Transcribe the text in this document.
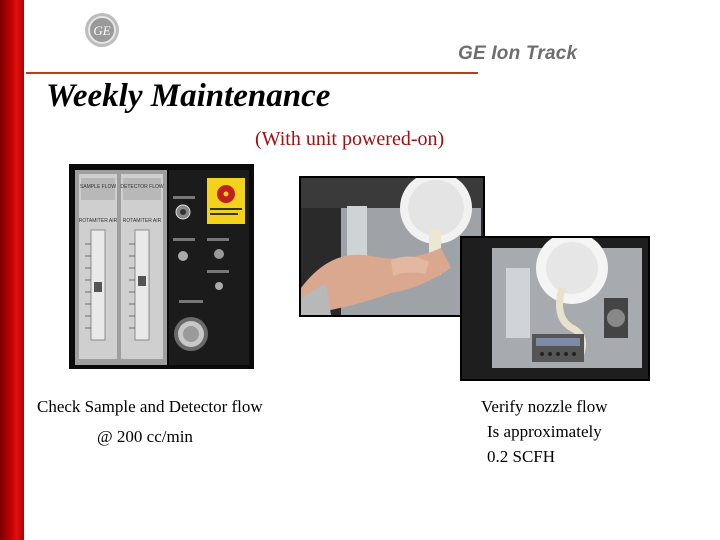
GE
GE Ion Track
Weekly Maintenance
(With unit powered-on)
SAMPLE FLOW DETECTOR FLOW
ROTAMITER AIR ROTAMITER AIR
Check Sample and Detector flow
@ 200 cc/min
Verify nozzle flow
Is approximately
0.2 SCFH
